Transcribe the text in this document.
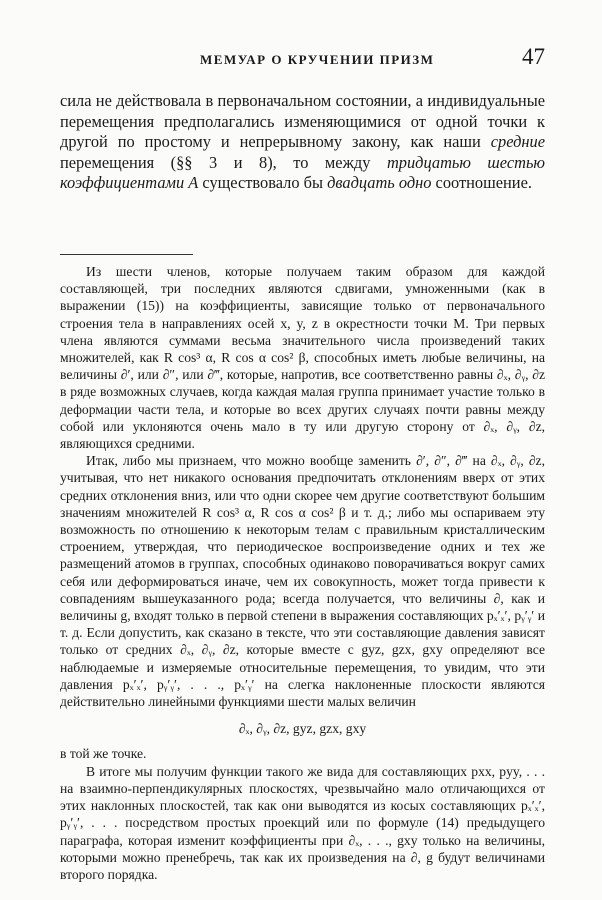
МЕМУАР О КРУЧЕНИИ ПРИЗМ	47

сила не действовала в первоначальном состоянии, а индивидуальные перемещения предполагались изменяющимися от одной точки к другой по простому и непрерывному закону, как наши средние перемещения (§§ 3 и 8), то между тридцатью шестью коэффициентами A существовало бы двадцать одно соотношение.

Из шести членов, которые получаем таким образом для каждой составляющей, три последних являются сдвигами, умноженными (как в выражении (15)) на коэффициенты, зависящие только от первоначального строения тела в направлениях осей x, y, z в окрестности точки M. Три первых члена являются суммами весьма значительного числа произведений таких множителей, как R cos³ α, R cos α cos² β, способных иметь любые величины, на величины ∂′, или ∂″, или ∂‴, которые, напротив, все соответственно равны ∂ₓ, ∂ᵧ, ∂z в ряде возможных случаев, когда каждая малая группа принимает участие только в деформации части тела, и которые во всех других случаях почти равны между собой или уклоняются очень мало в ту или другую сторону от ∂ₓ, ∂ᵧ, ∂z, являющихся средними.

Итак, либо мы признаем, что можно вообще заменить ∂′, ∂″, ∂‴ на ∂ₓ, ∂ᵧ, ∂z, учитывая, что нет никакого основания предпочитать отклонениям вверх от этих средних отклонения вниз, или что одни скорее чем другие соответствуют большим значениям множителей R cos³ α, R cos α cos² β и т. д.; либо мы оспариваем эту возможность по отношению к некоторым телам с правильным кристаллическим строением, утверждая, что периодическое воспроизведение одних и тех же размещений атомов в группах, способных одинаково поворачиваться вокруг самих себя или деформироваться иначе, чем их совокупность, может тогда привести к совпадениям вышеуказанного рода; всегда получается, что величины ∂, как и величины g, входят только в первой степени в выражения составляющих pₓ′ₓ′, pᵧ′ᵧ′ и т. д. Если допустить, как сказано в тексте, что эти составляющие давления зависят только от средних ∂ₓ, ∂ᵧ, ∂z, которые вместе с gyz, gzx, gxy определяют все наблюдаемые и измеряемые относительные перемещения, то увидим, что эти давления pₓ′ₓ′, pᵧ′ᵧ′, . . ., pₓ′ᵧ′ на слегка наклоненные плоскости являются действительно линейными функциями шести малых величин

∂ₓ, ∂ᵧ, ∂z, gyz, gzx, gxy

в той же точке.

В итоге мы получим функции такого же вида для составляющих pxx, pyy, . . . на взаимно-перпендикулярных плоскостях, чрезвычайно мало отличающихся от этих наклонных плоскостей, так как они выводятся из косых составляющих pₓ′ₓ′, pᵧ′ᵧ′, . . . посредством простых проекций или по формуле (14) предыдущего параграфа, которая изменит коэффициенты при ∂ₓ, . . ., gxy только на величины, которыми можно пренебречь, так как их произведения на ∂, g будут величинами второго порядка.
